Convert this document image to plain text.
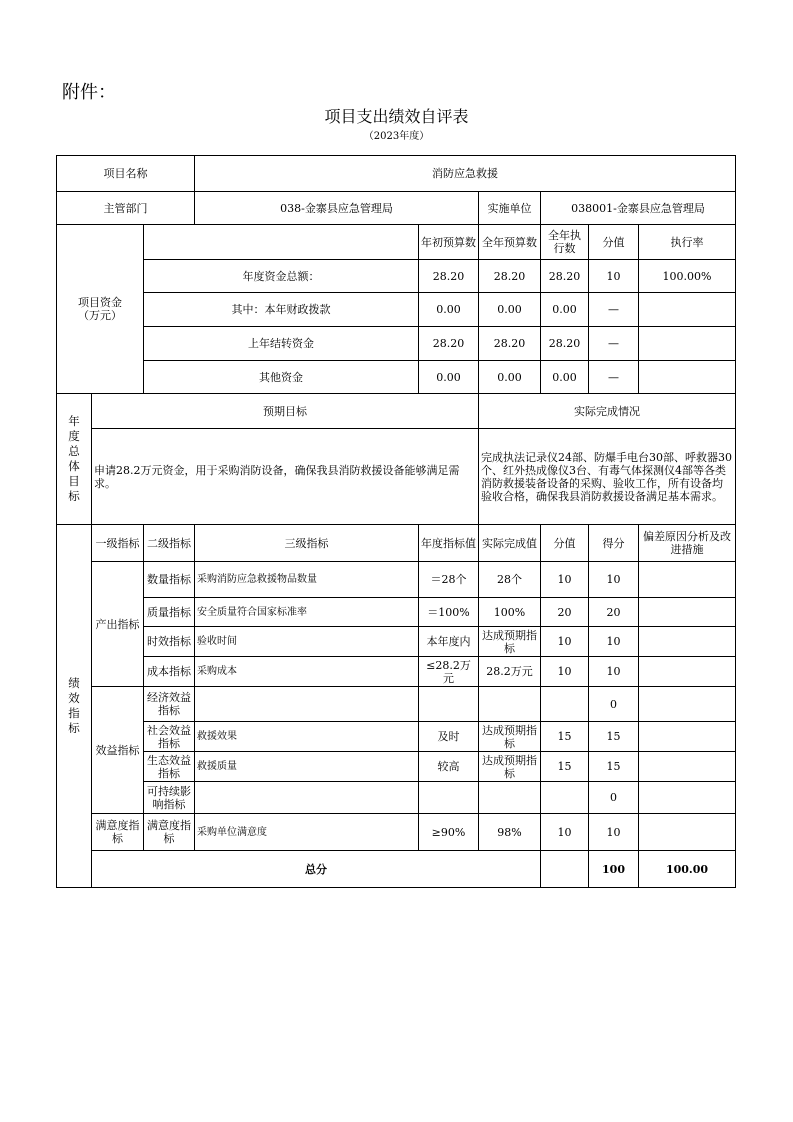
附件：
项目支出绩效自评表
（2023年度）
项目名称			消防应急救援						
主管部门			038-金寨县应急管理局		实施单位	038001-金寨县应急管理局			

项目资金
（万元）				年初预算数	全年预算数	全年执行数	分值	执行率	
		年度资金总额：		28.20	28.20	28.20	10	100.00%	
		其中：本年财政拨款		0.00	0.00	0.00	—		
		上年结转资金		28.20	28.20	28.20	—		
		其他资金		0.00	0.00	0.00	—		

年度总体目标	预期目标				实际完成情况				
	申请28.2万元资金，用于采购消防设备，确保我县消防救援设备能够满足需求。				完成执法记录仪24部、防爆手电台30部、呼救器30个、红外热成像仪3台、有毒气体探测仪4部等各类消防救援装备设备的采购、验收工作，所有设备均验收合格，确保我县消防救援设备满足基本需求。				

绩效指标	一级指标	二级指标	三级指标	年度指标值	实际完成值	分值	得分	偏差原因分析及改进措施	
	产出指标	数量指标	采购消防应急救援物品数量	＝28个	28个	10	10		
		质量指标	安全质量符合国家标准率	＝100%	100%	20	20		
		时效指标	验收时间	本年度内	达成预期指标	10	10		
		成本指标	采购成本	≤28.2万元	28.2万元	10	10		
	效益指标	经济效益指标					0		
		社会效益指标	救援效果	及时	达成预期指标	15	15		
		生态效益指标	救援质量	较高	达成预期指标	15	15		
		可持续影响指标					0		
	满意度指标	满意度指标	采购单位满意度	≥90%	98%	10	10		
	总分						100	100.00	
